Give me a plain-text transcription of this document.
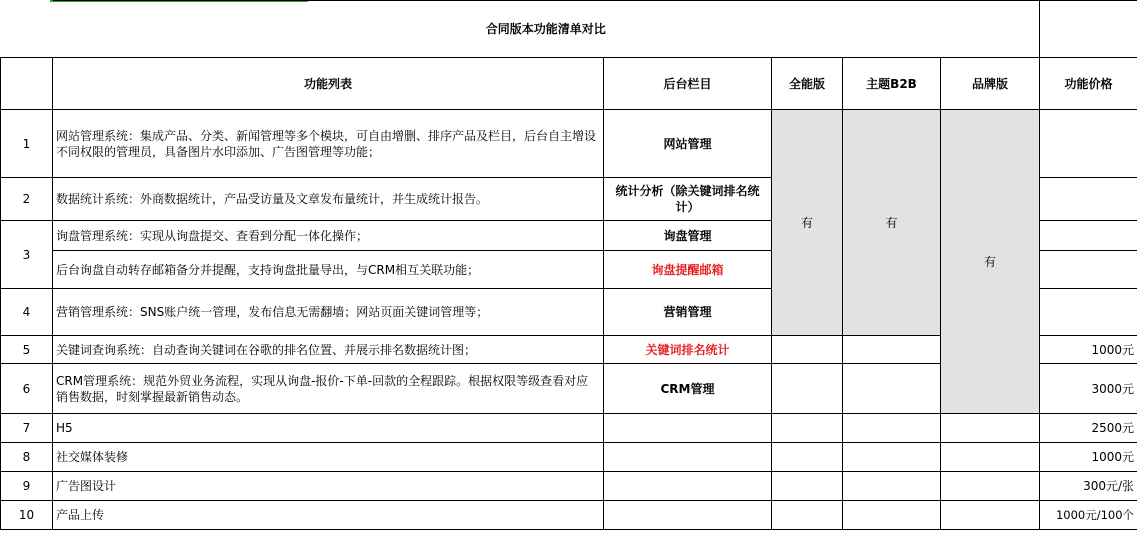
	合同版本功能清单对比					
	功能列表	后台栏目	全能版	主题B2B	品牌版	功能价格
1	网站管理系统：集成产品、分类、新闻管理等多个模块，可自由增删、排序产品及栏目，后台自主增设不同权限的管理员，具备图片水印添加、广告图管理等功能；	网站管理	有	有	有	
2	数据统计系统：外商数据统计，产品受访量及文章发布量统计，并生成统计报告。	统计分析（除关键词排名统计）				
3	询盘管理系统：实现从询盘提交、查看到分配一体化操作；	询盘管理				
	后台询盘自动转存邮箱备分并提醒，支持询盘批量导出，与CRM相互关联功能；	询盘提醒邮箱				
4	营销管理系统：SNS账户统一管理，发布信息无需翻墙；网站页面关键词管理等；	营销管理				
5	关键词查询系统：自动查询关键词在谷歌的排名位置、并展示排名数据统计图；	关键词排名统计				1000元
6	CRM管理系统：规范外贸业务流程，实现从询盘-报价-下单-回款的全程跟踪。根据权限等级查看对应销售数据，时刻掌握最新销售动态。	CRM管理				3000元
7	H5					2500元
8	社交媒体装修					1000元
9	广告图设计					300元/张
10	产品上传					1000元/100个
